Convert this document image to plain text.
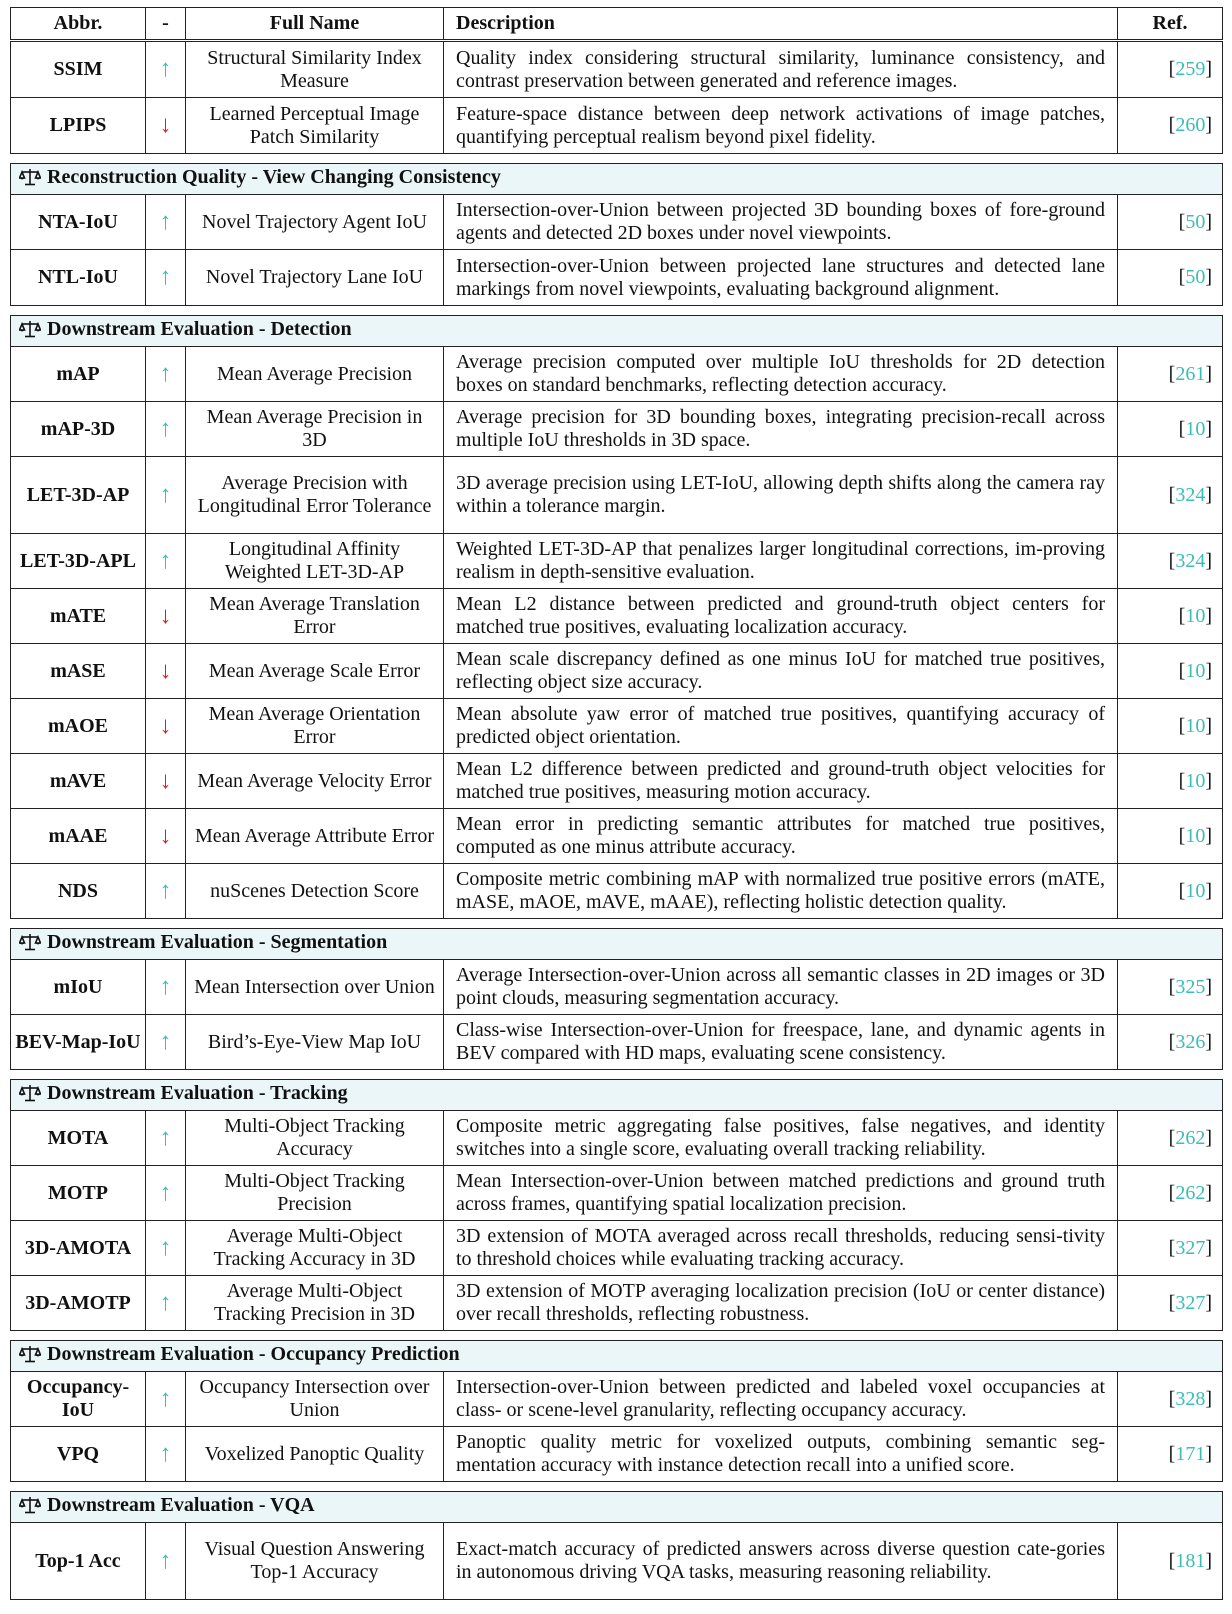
Abbr.	-	Full Name	Description	Ref.
SSIM	↑	Structural Similarity Index Measure	Quality index considering structural similarity, luminance consistency, and contrast preservation between generated and reference images.	[259]
LPIPS	↓	Learned Perceptual Image Patch Similarity	Feature-space distance between deep network activations of image patches, quantifying perceptual realism beyond pixel fidelity.	[260]

Reconstruction Quality - View Changing Consistency				
NTA-IoU	↑	Novel Trajectory Agent IoU	Intersection-over-Union between projected 3D bounding boxes of fore-ground agents and detected 2D boxes under novel viewpoints.	[50]
NTL-IoU	↑	Novel Trajectory Lane IoU	Intersection-over-Union between projected lane structures and detected lane markings from novel viewpoints, evaluating background alignment.	[50]

Downstream Evaluation - Detection				
mAP	↑	Mean Average Precision	Average precision computed over multiple IoU thresholds for 2D detection boxes on standard benchmarks, reflecting detection accuracy.	[261]
mAP-3D	↑	Mean Average Precision in 3D	Average precision for 3D bounding boxes, integrating precision-recall across multiple IoU thresholds in 3D space.	[10]
LET-3D-AP	↑	Average Precision with Longitudinal Error Tolerance	3D average precision using LET-IoU, allowing depth shifts along the camera ray within a tolerance margin.	[324]
LET-3D-APL	↑	Longitudinal Affinity Weighted LET-3D-AP	Weighted LET-3D-AP that penalizes larger longitudinal corrections, im-proving realism in depth-sensitive evaluation.	[324]
mATE	↓	Mean Average Translation Error	Mean L2 distance between predicted and ground-truth object centers for matched true positives, evaluating localization accuracy.	[10]
mASE	↓	Mean Average Scale Error	Mean scale discrepancy defined as one minus IoU for matched true positives, reflecting object size accuracy.	[10]
mAOE	↓	Mean Average Orientation Error	Mean absolute yaw error of matched true positives, quantifying accuracy of predicted object orientation.	[10]
mAVE	↓	Mean Average Velocity Error	Mean L2 difference between predicted and ground-truth object velocities for matched true positives, measuring motion accuracy.	[10]
mAAE	↓	Mean Average Attribute Error	Mean error in predicting semantic attributes for matched true positives, computed as one minus attribute accuracy.	[10]
NDS	↑	nuScenes Detection Score	Composite metric combining mAP with normalized true positive errors (mATE, mASE, mAOE, mAVE, mAAE), reflecting holistic detection quality.	[10]

Downstream Evaluation - Segmentation				
mIoU	↑	Mean Intersection over Union	Average Intersection-over-Union across all semantic classes in 2D images or 3D point clouds, measuring segmentation accuracy.	[325]
BEV-Map-IoU	↑	Bird’s-Eye-View Map IoU	Class-wise Intersection-over-Union for freespace, lane, and dynamic agents in BEV compared with HD maps, evaluating scene consistency.	[326]

Downstream Evaluation - Tracking				
MOTA	↑	Multi-Object Tracking Accuracy	Composite metric aggregating false positives, false negatives, and identity switches into a single score, evaluating overall tracking reliability.	[262]
MOTP	↑	Multi-Object Tracking Precision	Mean Intersection-over-Union between matched predictions and ground truth across frames, quantifying spatial localization precision.	[262]
3D-AMOTA	↑	Average Multi-Object Tracking Accuracy in 3D	3D extension of MOTA averaged across recall thresholds, reducing sensi-tivity to threshold choices while evaluating tracking accuracy.	[327]
3D-AMOTP	↑	Average Multi-Object Tracking Precision in 3D	3D extension of MOTP averaging localization precision (IoU or center distance) over recall thresholds, reflecting robustness.	[327]

Downstream Evaluation - Occupancy Prediction				
Occupancy-IoU	↑	Occupancy Intersection over Union	Intersection-over-Union between predicted and labeled voxel occupancies at class- or scene-level granularity, reflecting occupancy accuracy.	[328]
VPQ	↑	Voxelized Panoptic Quality	Panoptic quality metric for voxelized outputs, combining semantic seg-mentation accuracy with instance detection recall into a unified score.	[171]

Downstream Evaluation - VQA				
Top-1 Acc	↑	Visual Question Answering Top-1 Accuracy	Exact-match accuracy of predicted answers across diverse question cate-gories in autonomous driving VQA tasks, measuring reasoning reliability.	[181]
